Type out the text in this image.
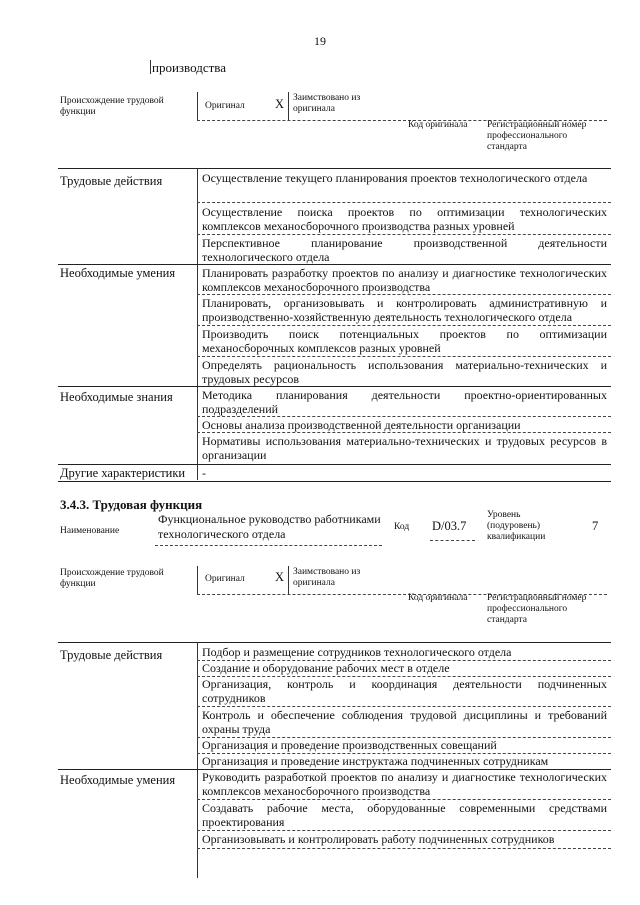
19
производства
Происхождение трудовой функции
Оригинал X Заимствовано из оригинала
Код оригинала Регистрационный номер профессионального стандарта
Трудовые действия	Осуществление текущего планирования проектов технологического отдела
Осуществление поиска проектов по оптимизации технологических комплексов механосборочного производства разных уровней
Перспективное планирование производственной деятельности технологического отдела
Необходимые умения	Планировать разработку проектов по анализу и диагностике технологических комплексов механосборочного производства
Планировать, организовывать и контролировать административную и производственно-хозяйственную деятельность технологического отдела
Производить поиск потенциальных проектов по оптимизации механосборочных комплексов разных уровней
Определять рациональность использования материально-технических и трудовых ресурсов
Необходимые знания	Методика планирования деятельности проектно-ориентированных подразделений
Основы анализа производственной деятельности организации
Нормативы использования материально-технических и трудовых ресурсов в организации
Другие характеристики	-
3.4.3. Трудовая функция
Наименование
Функциональное руководство работниками технологического отдела	Код D/03.7
Уровень (подуровень) квалификации
7
Происхождение трудовой функции	Оригинал X Заимствовано из оригинала
Код оригинала Регистрационный номер профессионального стандарта
Трудовые действия	Подбор и размещение сотрудников технологического отдела
Создание и оборудование рабочих мест в отделе
Организация, контроль и координация деятельности подчиненных сотрудников
Контроль и обеспечение соблюдения трудовой дисциплины и требований охраны труда
Организация и проведение производственных совещаний
Организация и проведение инструктажа подчиненных сотрудникам
Необходимые умения	Руководить разработкой проектов по анализу и диагностике технологических комплексов механосборочного производства
Создавать рабочие места, оборудованные современными средствами проектирования
Организовывать и контролировать работу подчиненных сотрудников
